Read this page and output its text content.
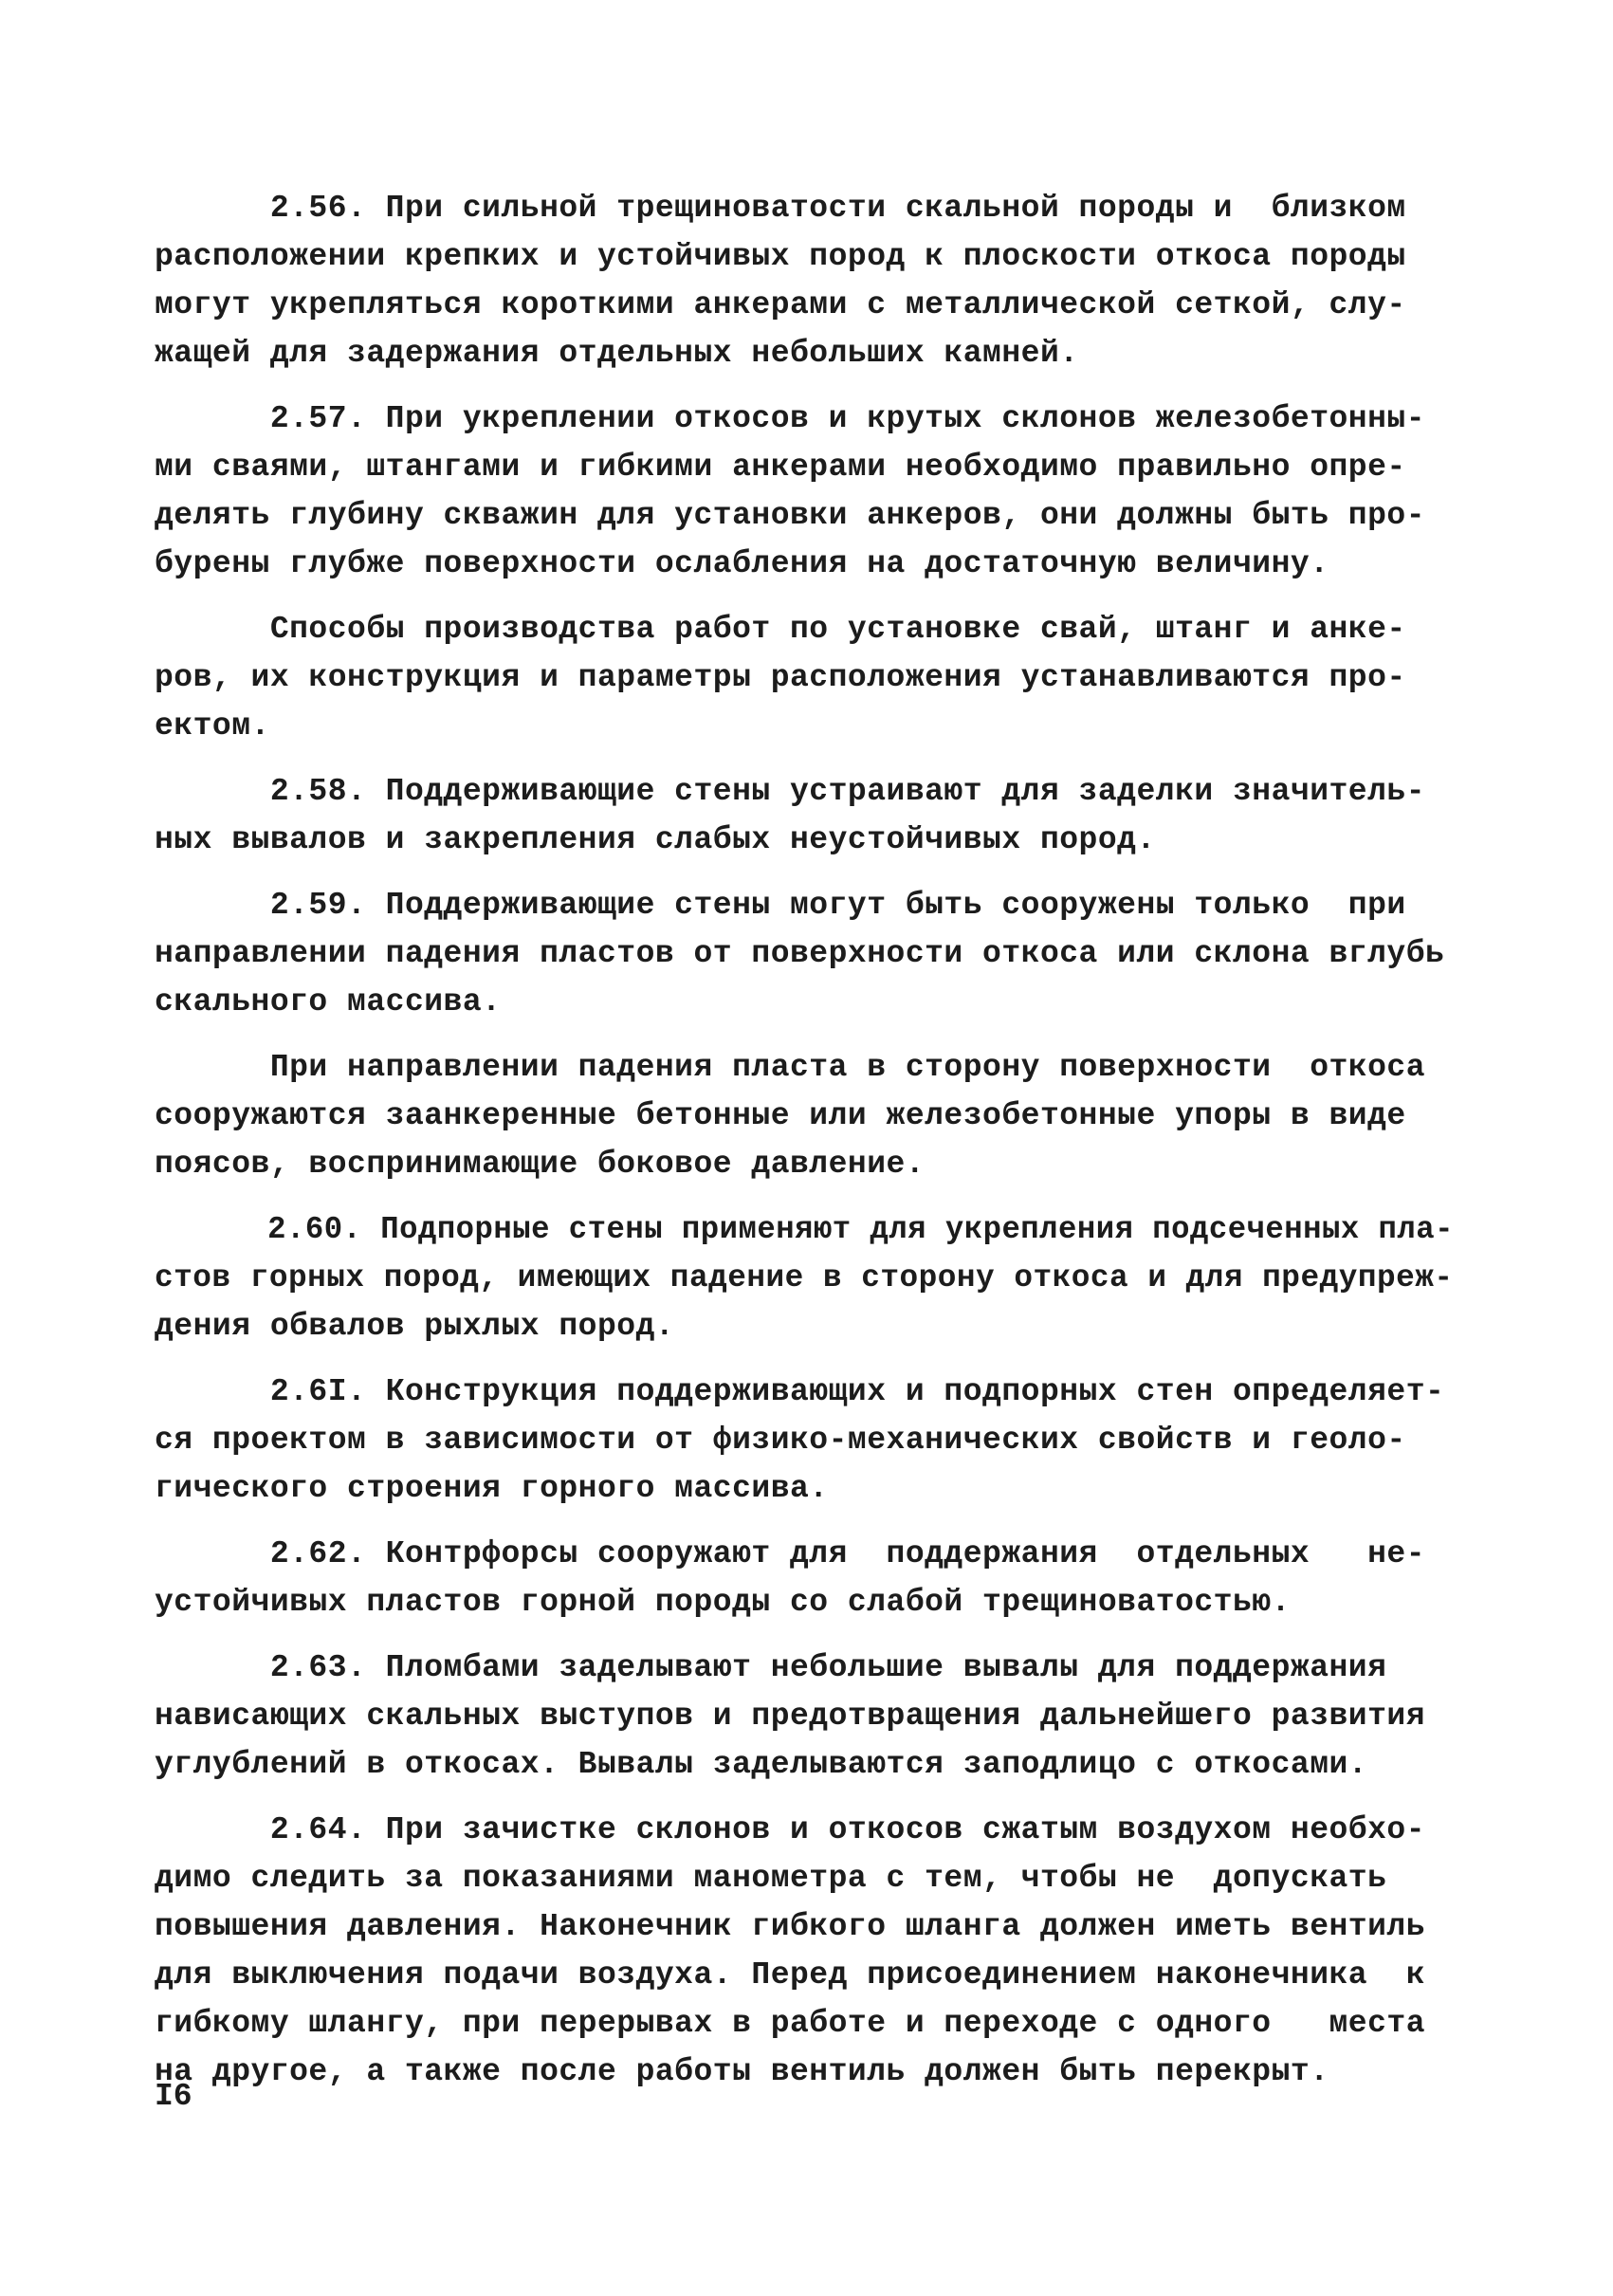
2.56. При сильной трещиноватости скальной породы и  близком
расположении крепких и устойчивых пород к плоскости откоса породы
могут укрепляться короткими анкерами с металлической сеткой, слу-
жащей для задержания отдельных небольших камней.
2.57. При укреплении откосов и крутых склонов железобетонны-
ми сваями, штангами и гибкими анкерами необходимо правильно опре-
делять глубину скважин для установки анкеров, они должны быть про-
бурены глубже поверхности ослабления на достаточную величину.
Способы производства работ по установке свай, штанг и анке-
ров, их конструкция и параметры расположения устанавливаются про-
ектом.
2.58. Поддерживающие стены устраивают для заделки значитель-
ных вывалов и закрепления слабых неустойчивых пород.
2.59. Поддерживающие стены могут быть сооружены только  при
направлении падения пластов от поверхности откоса или склона вглубь
скального массива.
При направлении падения пласта в сторону поверхности  откоса
сооружаются заанкеренные бетонные или железобетонные упоры в виде
поясов, воспринимающие боковое давление.
2.60. Подпорные стены применяют для укрепления подсеченных пла-
стов горных пород, имеющих падение в сторону откоса и для предупреж-
дения обвалов рыхлых пород.
2.6I. Конструкция поддерживающих и подпорных стен определяет-
ся проектом в зависимости от физико-механических свойств и геоло-
гического строения горного массива.
2.62. Контрфорсы сооружают для  поддержания  отдельных   не-
устойчивых пластов горной породы со слабой трещиноватостью.
2.63. Пломбами заделывают небольшие вывалы для поддержания
нависающих скальных выступов и предотвращения дальнейшего развития
углублений в откосах. Вывалы заделываются заподлицо с откосами.
2.64. При зачистке склонов и откосов сжатым воздухом необхо-
димо следить за показаниями манометра с тем, чтобы не  допускать
повышения давления. Наконечник гибкого шланга должен иметь вентиль
для выключения подачи воздуха. Перед присоединением наконечника  к
гибкому шлангу, при перерывах в работе и переходе с одного   места
на другое, а также после работы вентиль должен быть перекрыт.
I6
